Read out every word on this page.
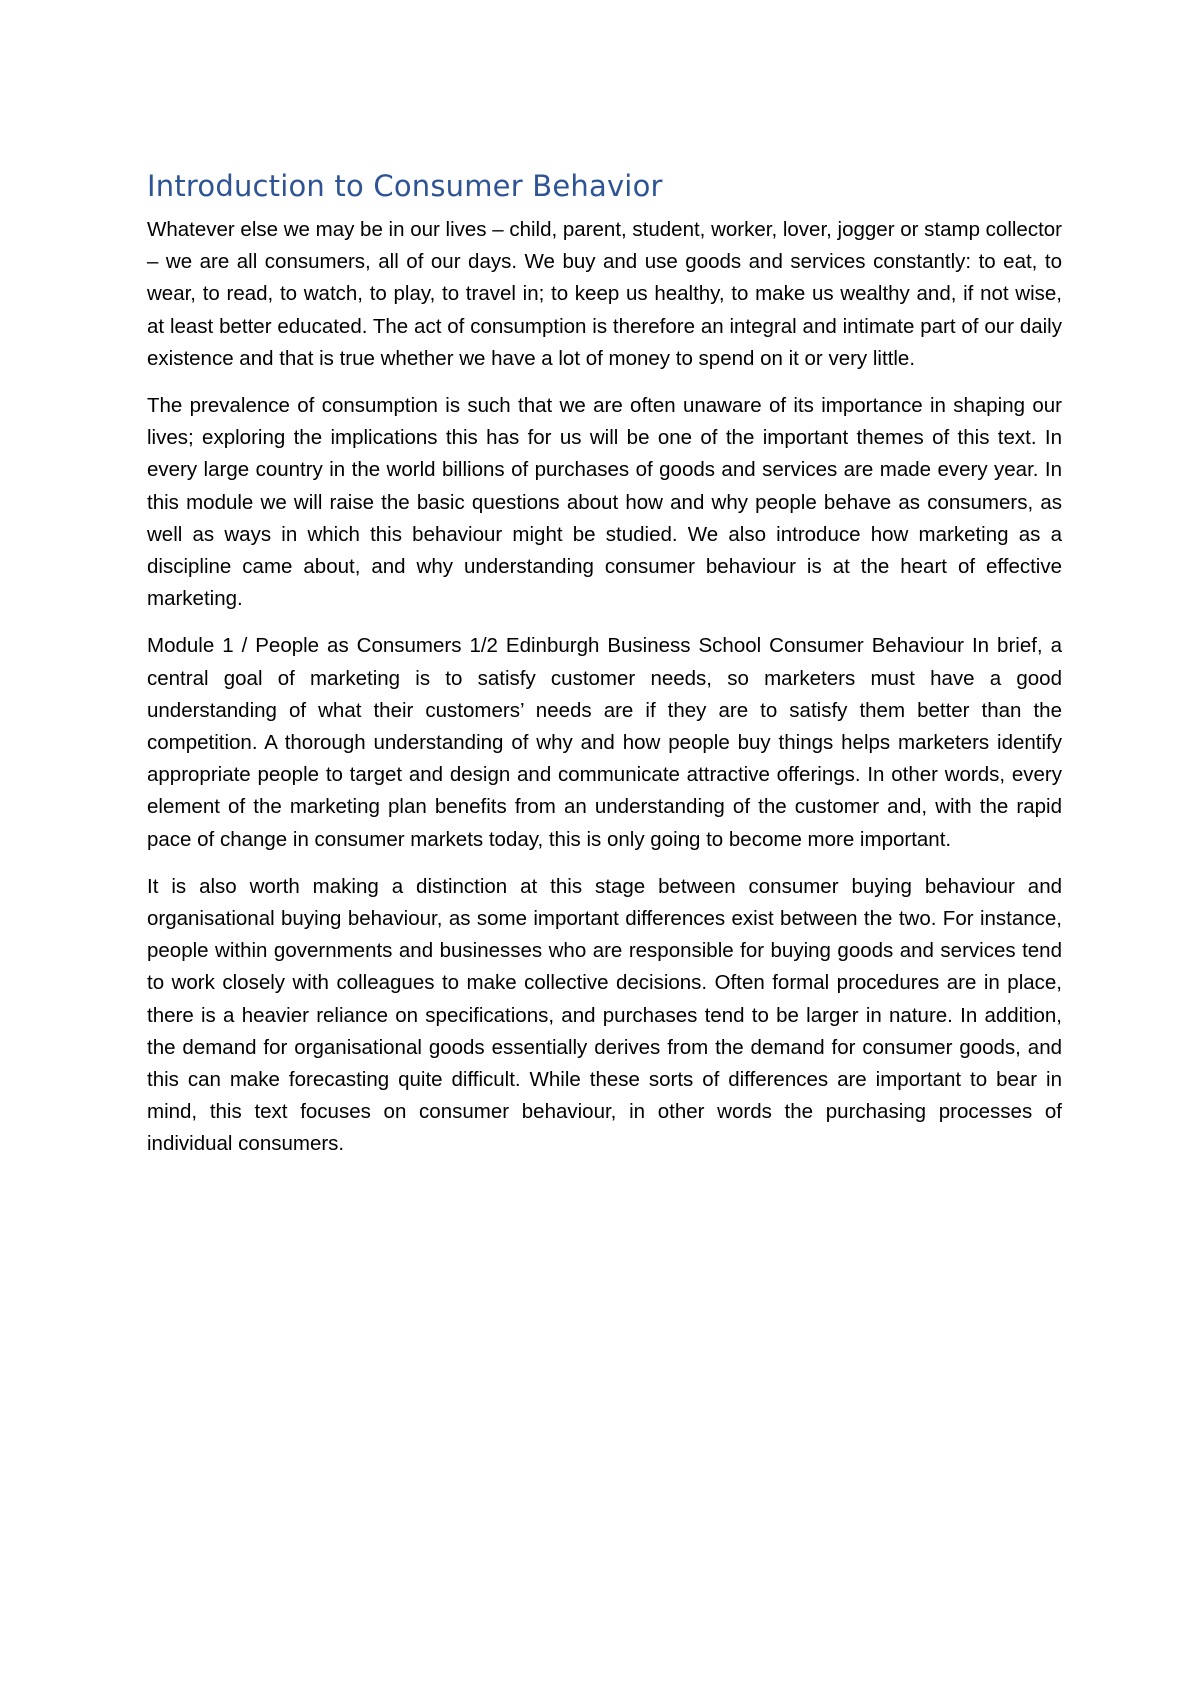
Introduction to Consumer Behavior

Whatever else we may be in our lives – child, parent, student, worker, lover, jogger or stamp collector – we are all consumers, all of our days. We buy and use goods and services constantly: to eat, to wear, to read, to watch, to play, to travel in; to keep us healthy, to make us wealthy and, if not wise, at least better educated. The act of consumption is therefore an integral and intimate part of our daily existence and that is true whether we have a lot of money to spend on it or very little.

The prevalence of consumption is such that we are often unaware of its importance in shaping our lives; exploring the implications this has for us will be one of the important themes of this text. In every large country in the world billions of purchases of goods and services are made every year. In this module we will raise the basic questions about how and why people behave as consumers, as well as ways in which this behaviour might be studied. We also introduce how marketing as a discipline came about, and why understanding consumer behaviour is at the heart of effective marketing.

Module 1 / People as Consumers 1/2 Edinburgh Business School Consumer Behaviour In brief, a central goal of marketing is to satisfy customer needs, so marketers must have a good understanding of what their customers’ needs are if they are to satisfy them better than the competition. A thorough understanding of why and how people buy things helps marketers identify appropriate people to target and design and communicate attractive offerings. In other words, every element of the marketing plan benefits from an understanding of the customer and, with the rapid pace of change in consumer markets today, this is only going to become more important.

It is also worth making a distinction at this stage between consumer buying behaviour and organisational buying behaviour, as some important differences exist between the two. For instance, people within governments and businesses who are responsible for buying goods and services tend to work closely with colleagues to make collective decisions. Often formal procedures are in place, there is a heavier reliance on specifications, and purchases tend to be larger in nature. In addition, the demand for organisational goods essentially derives from the demand for consumer goods, and this can make forecasting quite difficult. While these sorts of differences are important to bear in mind, this text focuses on consumer behaviour, in other words the purchasing processes of individual consumers.
